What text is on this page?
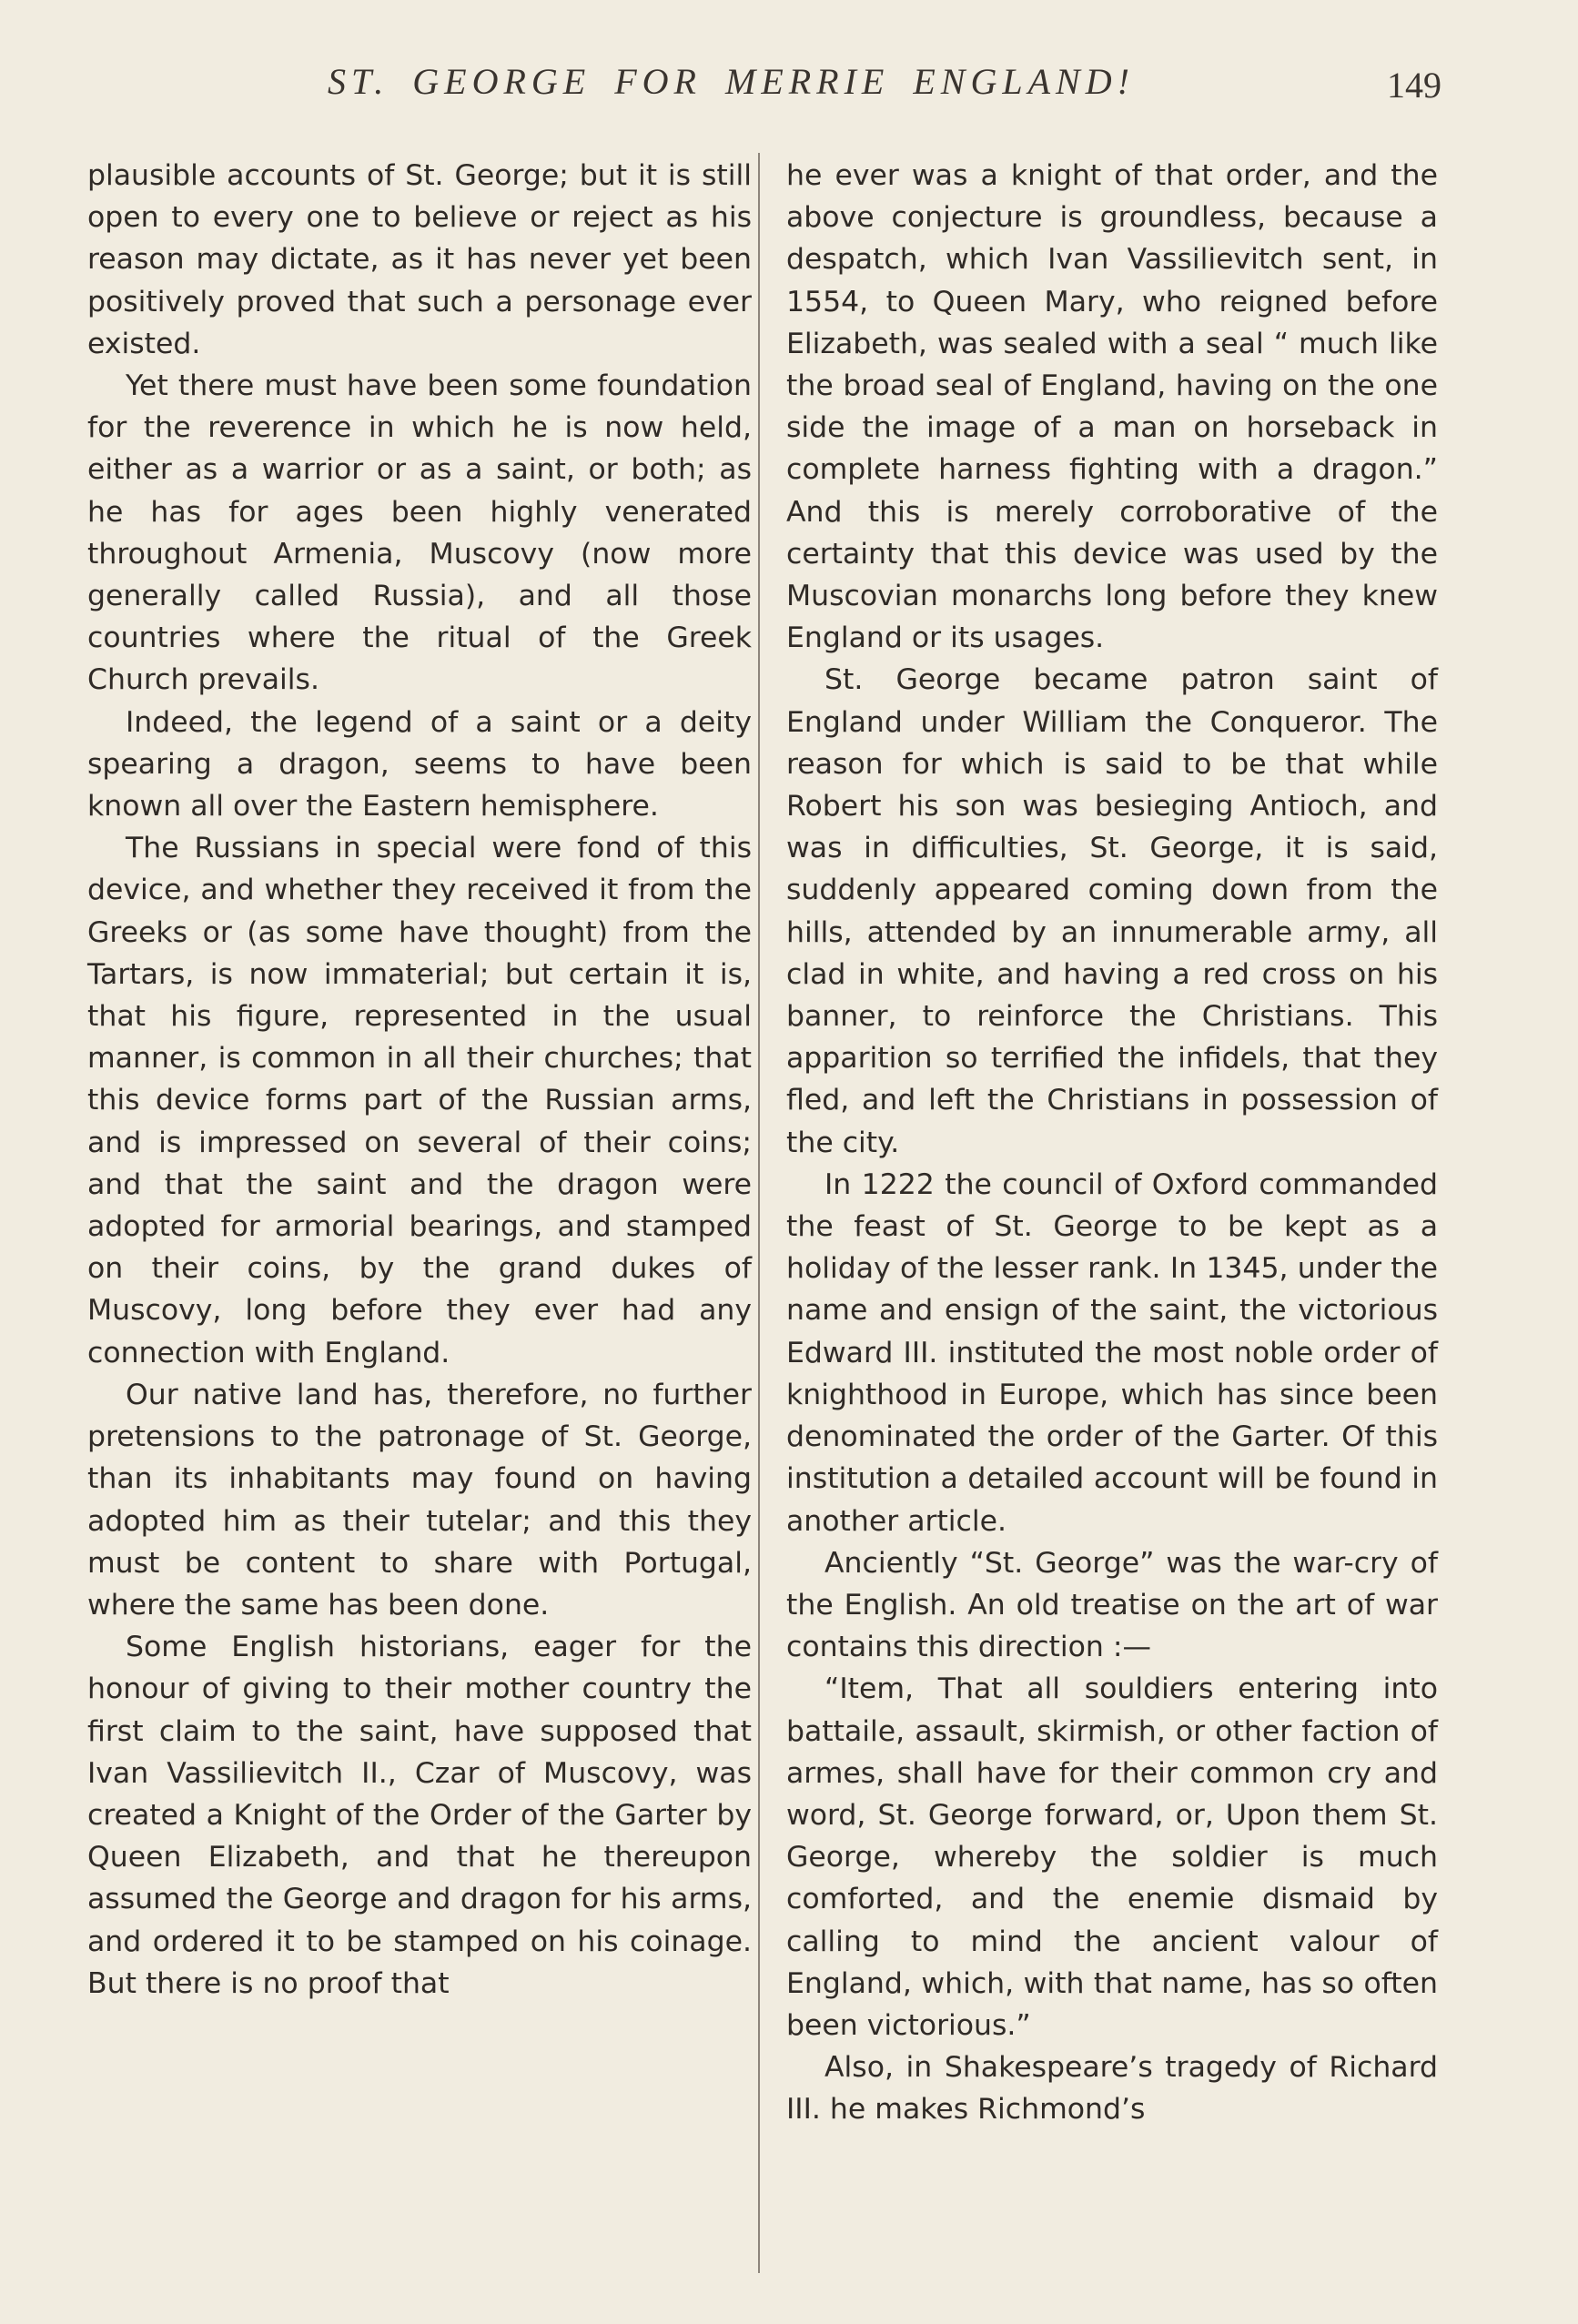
ST. GEORGE FOR MERRIE ENGLAND!	149

plausible accounts of St. George; but it is still open to every one to believe or reject as his reason may dictate, as it has never yet been positively proved that such a personage ever existed.

Yet there must have been some foundation for the reverence in which he is now held, either as a warrior or as a saint, or both; as he has for ages been highly venerated throughout Armenia, Muscovy (now more generally called Russia), and all those countries where the ritual of the Greek Church prevails.

Indeed, the legend of a saint or a deity spearing a dragon, seems to have been known all over the Eastern hemisphere.

The Russians in special were fond of this device, and whether they received it from the Greeks or (as some have thought) from the Tartars, is now immaterial; but certain it is, that his figure, represented in the usual manner, is common in all their churches; that this device forms part of the Russian arms, and is impressed on several of their coins; and that the saint and the dragon were adopted for armorial bearings, and stamped on their coins, by the grand dukes of Muscovy, long before they ever had any connection with England.

Our native land has, therefore, no further pretensions to the patronage of St. George, than its inhabitants may found on having adopted him as their tutelar; and this they must be content to share with Portugal, where the same has been done.

Some English historians, eager for the honour of giving to their mother country the first claim to the saint, have supposed that Ivan Vassilievitch II., Czar of Muscovy, was created a Knight of the Order of the Garter by Queen Elizabeth, and that he thereupon assumed the George and dragon for his arms, and ordered it to be stamped on his coinage. But there is no proof that

he ever was a knight of that order, and the above conjecture is groundless, because a despatch, which Ivan Vassilievitch sent, in 1554, to Queen Mary, who reigned before Elizabeth, was sealed with a seal “ much like the broad seal of England, having on the one side the image of a man on horseback in complete harness fighting with a dragon.” And this is merely corroborative of the certainty that this device was used by the Muscovian monarchs long before they knew England or its usages.

St. George became patron saint of England under William the Conqueror. The reason for which is said to be that while Robert his son was besieging Antioch, and was in difficulties, St. George, it is said, suddenly appeared coming down from the hills, attended by an innumerable army, all clad in white, and having a red cross on his banner, to reinforce the Christians. This apparition so terrified the infidels, that they fled, and left the Christians in possession of the city.

In 1222 the council of Oxford commanded the feast of St. George to be kept as a holiday of the lesser rank. In 1345, under the name and ensign of the saint, the victorious Edward III. instituted the most noble order of knighthood in Europe, which has since been denominated the order of the Garter. Of this institution a detailed account will be found in another article.

Anciently “St. George” was the war-cry of the English. An old treatise on the art of war contains this direction :—

“Item, That all souldiers entering into battaile, assault, skirmish, or other faction of armes, shall have for their common cry and word, St. George forward, or, Upon them St. George, whereby the soldier is much comforted, and the enemie dismaid by calling to mind the ancient valour of England, which, with that name, has so often been victorious.”

Also, in Shakespeare’s tragedy of Richard III. he makes Richmond’s
